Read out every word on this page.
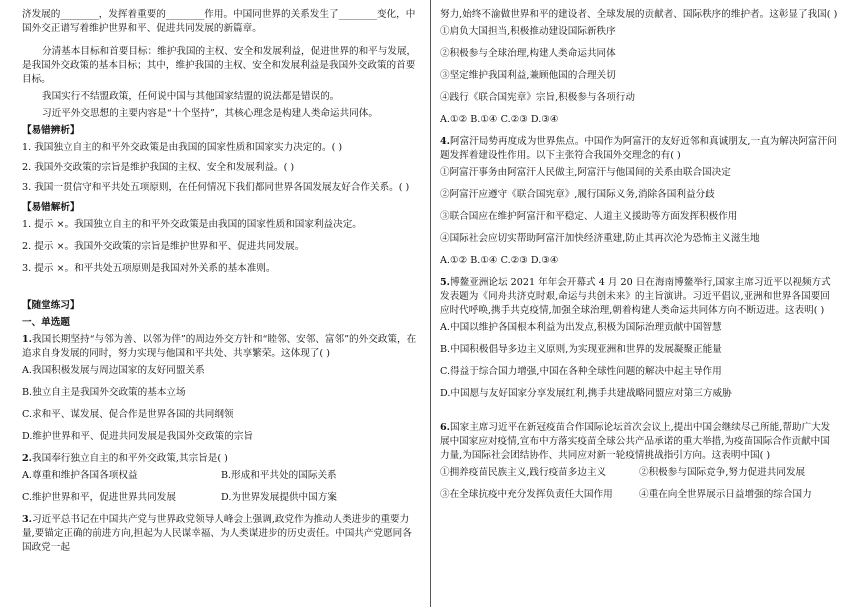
济发展的________，发挥着重要的________作用。中国同世界的关系发生了________变化，中国外交正谱写着维护世界和平、促进共同发展的新篇章。

分清基本目标和首要目标：维护我国的主权、安全和发展利益，促进世界的和平与发展，是我国外交政策的基本目标；其中，维护我国的主权、安全和发展利益是我国外交政策的首要目标。

我国实行不结盟政策，任何说中国与其他国家结盟的说法都是错误的。

习近平外交思想的主要内容是“十个坚持”，其核心理念是构建人类命运共同体。

【易错辨析】

1. 我国独立自主的和平外交政策是由我国的国家性质和国家实力决定的。( )

2. 我国外交政策的宗旨是维护我国的主权、安全和发展利益。( )

3. 我国一贯信守和平共处五项原则，在任何情况下我们都同世界各国发展友好合作关系。( )

【易错解析】

1. 提示 ×。我国独立自主的和平外交政策是由我国的国家性质和国家利益决定。

2. 提示 ×。我国外交政策的宗旨是维护世界和平、促进共同发展。

3. 提示 ×。和平共处五项原则是我国对外关系的基本准则。

【随堂练习】
一、单选题

1.我国长期坚持“与邻为善、以邻为伴”的周边外交方针和“睦邻、安邻、富邻”的外交政策，在追求自身发展的同时，努力实现与他国和平共处、共享繁荣。这体现了( )

A.我国积极发展与周边国家的友好同盟关系

B.独立自主是我国外交政策的基本立场

C.求和平、谋发展、促合作是世界各国的共同纲领

D.维护世界和平、促进共同发展是我国外交政策的宗旨

2.我国奉行独立自主的和平外交政策,其宗旨是( )

A.尊重和维护各国各项权益	B.形成和平共处的国际关系
C.维护世界和平，促进世界共同发展	D.为世界发展提供中国方案

3.习近平总书记在中国共产党与世界政党领导人峰会上强调,政党作为推动人类进步的重要力量,要锚定正确的前进方向,担起为人民谋幸福、为人类谋进步的历史责任。中国共产党愿同各国政党一起

努力,始终不渝做世界和平的建设者、全球发展的贡献者、国际秩序的维护者。这彰显了我国( )

①肩负大国担当,积极推动建设国际新秩序

②积极参与全球治理,构建人类命运共同体

③坚定维护我国利益,兼顾他国的合理关切

④践行《联合国宪章》宗旨,积极参与各项行动

A.①② B.①④ C.②③ D.③④

4.阿富汗局势再度成为世界焦点。中国作为阿富汗的友好近邻和真诚朋友,一直为解决阿富汗问题发挥着建设性作用。以下主张符合我国外交理念的有( )

①阿富汗事务由阿富汗人民做主,阿富汗与他国间的关系由联合国决定

②阿富汗应遵守《联合国宪章》,履行国际义务,消除各国利益分歧

③联合国应在维护阿富汗和平稳定、人道主义援助等方面发挥积极作用

④国际社会应切实帮助阿富汗加快经济重建,防止其再次沦为恐怖主义滋生地

A.①② B.①④ C.②③ D.③④

5.博鳌亚洲论坛 2021 年年会开幕式 4 月 20 日在海南博鳌举行,国家主席习近平以视频方式发表题为《同舟共济克时艰,命运与共创未来》的主旨演讲。习近平倡议,亚洲和世界各国要回应时代呼唤,携手共克疫情,加强全球治理,朝着构建人类命运共同体方向不断迈进。这表明( )

A.中国以维护各国根本利益为出发点,积极为国际治理贡献中国智慧

B.中国积极倡导多边主义原则,为实现亚洲和世界的发展凝聚正能量

C.得益于综合国力增强,中国在各种全球性问题的解决中起主导作用

D.中国愿与友好国家分享发展红利,携手共建战略同盟应对第三方威胁

6.国家主席习近平在新冠疫苗合作国际论坛首次会议上,提出中国会继续尽己所能,帮助广大发展中国家应对疫情,宣布中方落实疫苗全球公共产品承诺的重大举措,为疫苗国际合作贡献中国力量,为国际社会团结协作、共同应对新一轮疫情挑战指引方向。这表明中国( )

①拥养疫苗民族主义,践行疫苗多边主义	②积极参与国际竞争,努力促进共同发展
③在全球抗疫中充分发挥负责任大国作用	④重在向全世界展示日益增强的综合国力
